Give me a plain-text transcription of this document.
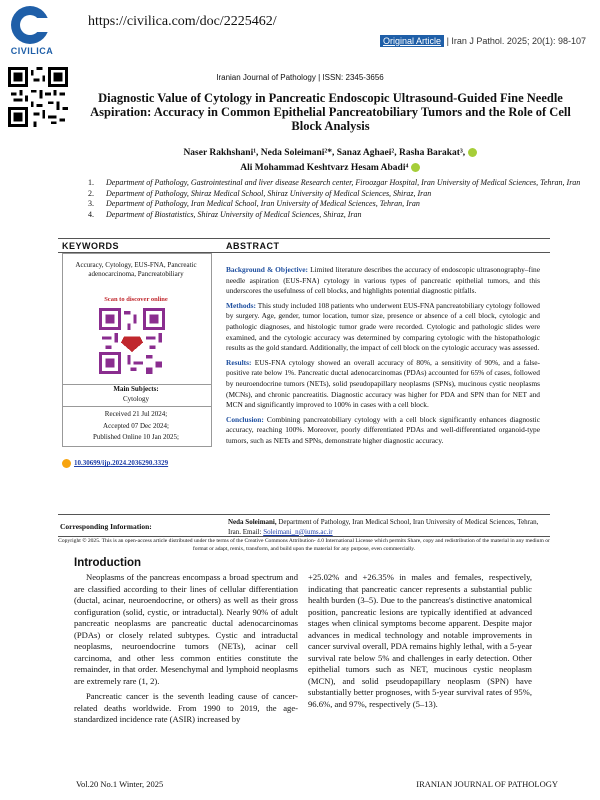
CIVILICA
https://civilica.com/doc/2225462/
Original Article | Iran J Pathol. 2025; 20(1): 98-107
Iranian Journal of Pathology | ISSN: 2345-3656
Diagnostic Value of Cytology in Pancreatic Endoscopic Ultrasound-Guided Fine Needle Aspiration: Accuracy in Common Epithelial Pancreatobiliary Tumors and the Role of Cell Block Analysis
Naser Rakhshani¹, Neda Soleimani²*, Sanaz Aghaei², Rasha Barakat³,
Ali Mohammad Keshtvarz Hesam Abadi⁴
1. Department of Pathology, Gastrointestinal and liver disease Research center, Firoozgar Hospital, Iran University of Medical Sciences, Tehran, Iran
2. Department of Pathology, Shiraz Medical School, Shiraz University of Medical Sciences, Shiraz, Iran
3. Department of Pathology, Iran Medical School, Iran University of Medical Sciences, Tehran, Iran
4. Department of Biostatistics, Shiraz University of Medical Sciences, Shiraz, Iran
KEYWORDS	ABSTRACT
Accuracy, Cytology, EUS-FNA, Pancreatic adenocarcinoma, Pancreatobiliary
Scan to discover online
Main Subjects:
Cytology
Received 21 Jul 2024;
Accepted 07 Dec 2024;
Published Online 10 Jan 2025;
10.30699/ijp.2024.2036290.3329

Background & Objective: Limited literature describes the accuracy of endoscopic ultrasonography–fine needle aspiration (EUS-FNA) cytology in various types of pancreatic epithelial tumors, and this underscores the usefulness of cell blocks, and highlights potential diagnostic pitfalls.

Methods: This study included 108 patients who underwent EUS-FNA pancreatobiliary cytology followed by surgery. Age, gender, tumor location, tumor size, presence or absence of a cell block, cytologic and pathologic diagnoses, and histologic tumor grade were recorded. Cytologic and pathologic slides were examined, and the cytologic accuracy was determined by comparing cytologic with the histopathologic results as the gold standard. Additionally, the impact of cell block on the cytologic accuracy was assessed.

Results: EUS-FNA cytology showed an overall accuracy of 80%, a sensitivity of 90%, and a false-positive rate below 1%. Pancreatic ductal adenocarcinomas (PDAs) accounted for 65% of cases, followed by neuroendocrine tumors (NETs), solid pseudopapillary neoplasms (SPNs), mucinous cystic neoplasms (MCNs), and chronic pancreatitis. Diagnostic accuracy was higher for PDA and SPN than for NET and MCN and significantly improved to 100% in cases with a cell block.

Conclusion: Combining pancreatobiliary cytology with a cell block significantly enhances diagnostic accuracy, reaching 100%. Moreover, poorly differentiated PDAs and well-differentiated organoid-type tumors, such as NETs and SPNs, demonstrate higher diagnostic accuracy.

Corresponding Information:	Neda Soleimani, Department of Pathology, Iran Medical School, Iran University of Medical Sciences, Tehran, Iran. Email: Soleimani_n@iums.ac.ir
Copyright © 2025. This is an open-access article distributed under the terms of the Creative Commons Attribution- 4.0 International License which permits Share, copy and redistribution of the material in any medium or format or adapt, remix, transform, and build upon the material for any purpose, even commercially.
Introduction

Neoplasms of the pancreas encompass a broad spectrum and are classified according to their lines of cellular differentiation (ductal, acinar, neuroendocrine, or others) as well as their gross configuration (solid, cystic, or intraductal). Nearly 90% of adult pancreatic neoplasms are pancreatic ductal adenocarcinomas (PDAs) or closely related subtypes. Cystic and intraductal neoplasms, neuroendocrine tumors (NETs), acinar cell carcinoma, and other less common entities constitute the remainder, in that order. Mesenchymal and lymphoid neoplasms are extremely rare (1, 2).

Pancreatic cancer is the seventh leading cause of cancer-related deaths worldwide. From 1990 to 2019, the age-standardized incidence rate (ASIR) increased by

+25.02% and +26.35% in males and females, respectively, indicating that pancreatic cancer represents a substantial public health burden (3–5). Due to the pancreas's distinctive anatomical position, pancreatic lesions are typically identified at advanced stages when clinical symptoms become apparent. Despite major advances in medical technology and notable improvements in cancer survival overall, PDA remains highly lethal, with a 5-year survival rate below 5% and challenges in early detection. Other epithelial tumors such as NET, mucinous cystic neoplasm (MCN), and solid pseudopapillary neoplasm (SPN) have substantially better prognoses, with 5-year survival rates of 95%, 96.6%, and 97%, respectively (5–13).

Vol.20 No.1 Winter, 2025	IRANIAN JOURNAL OF PATHOLOGY
